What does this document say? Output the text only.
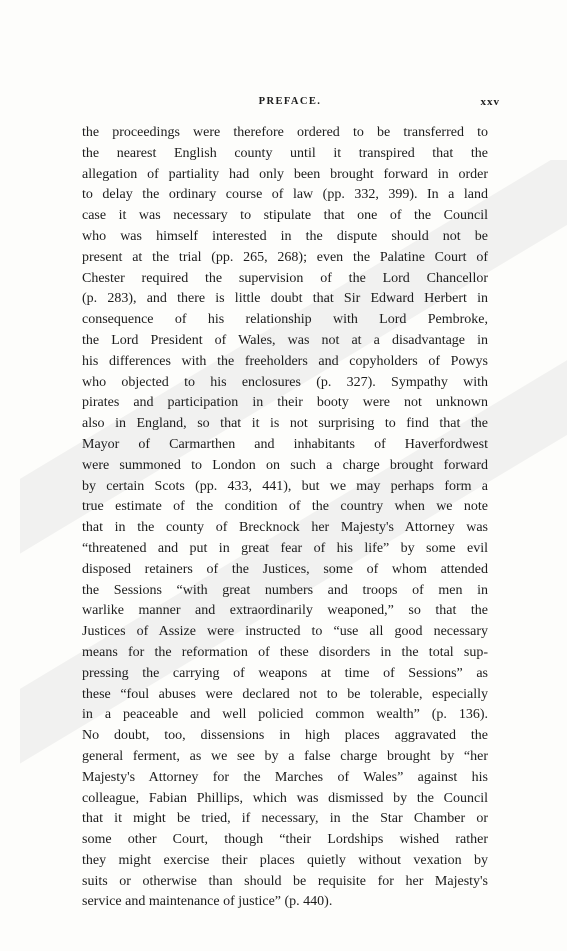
PREFACE.	xxv
the proceedings were therefore ordered to be transferred to
the nearest English county until it transpired that the
allegation of partiality had only been brought forward in order
to delay the ordinary course of law (pp. 332, 399). In a land
case it was necessary to stipulate that one of the Council
who was himself interested in the dispute should not be
present at the trial (pp. 265, 268); even the Palatine Court of
Chester required the supervision of the Lord Chancellor
(p. 283), and there is little doubt that Sir Edward Herbert in
consequence of his relationship with Lord Pembroke,
the Lord President of Wales, was not at a disadvantage in
his differences with the freeholders and copyholders of Powys
who objected to his enclosures (p. 327). Sympathy with
pirates and participation in their booty were not unknown
also in England, so that it is not surprising to find that the
Mayor of Carmarthen and inhabitants of Haverfordwest
were summoned to London on such a charge brought forward
by certain Scots (pp. 433, 441), but we may perhaps form a
true estimate of the condition of the country when we note
that in the county of Brecknock her Majesty's Attorney was
“threatened and put in great fear of his life” by some evil
disposed retainers of the Justices, some of whom attended
the Sessions “with great numbers and troops of men in
warlike manner and extraordinarily weaponed,” so that the
Justices of Assize were instructed to “use all good necessary
means for the reformation of these disorders in the total sup-
pressing the carrying of weapons at time of Sessions” as
these “foul abuses were declared not to be tolerable, especially
in a peaceable and well policied common wealth” (p. 136).
No doubt, too, dissensions in high places aggravated the
general ferment, as we see by a false charge brought by “her
Majesty's Attorney for the Marches of Wales” against his
colleague, Fabian Phillips, which was dismissed by the Council
that it might be tried, if necessary, in the Star Chamber or
some other Court, though “their Lordships wished rather
they might exercise their places quietly without vexation by
suits or otherwise than should be requisite for her Majesty's
service and maintenance of justice” (p. 440).
